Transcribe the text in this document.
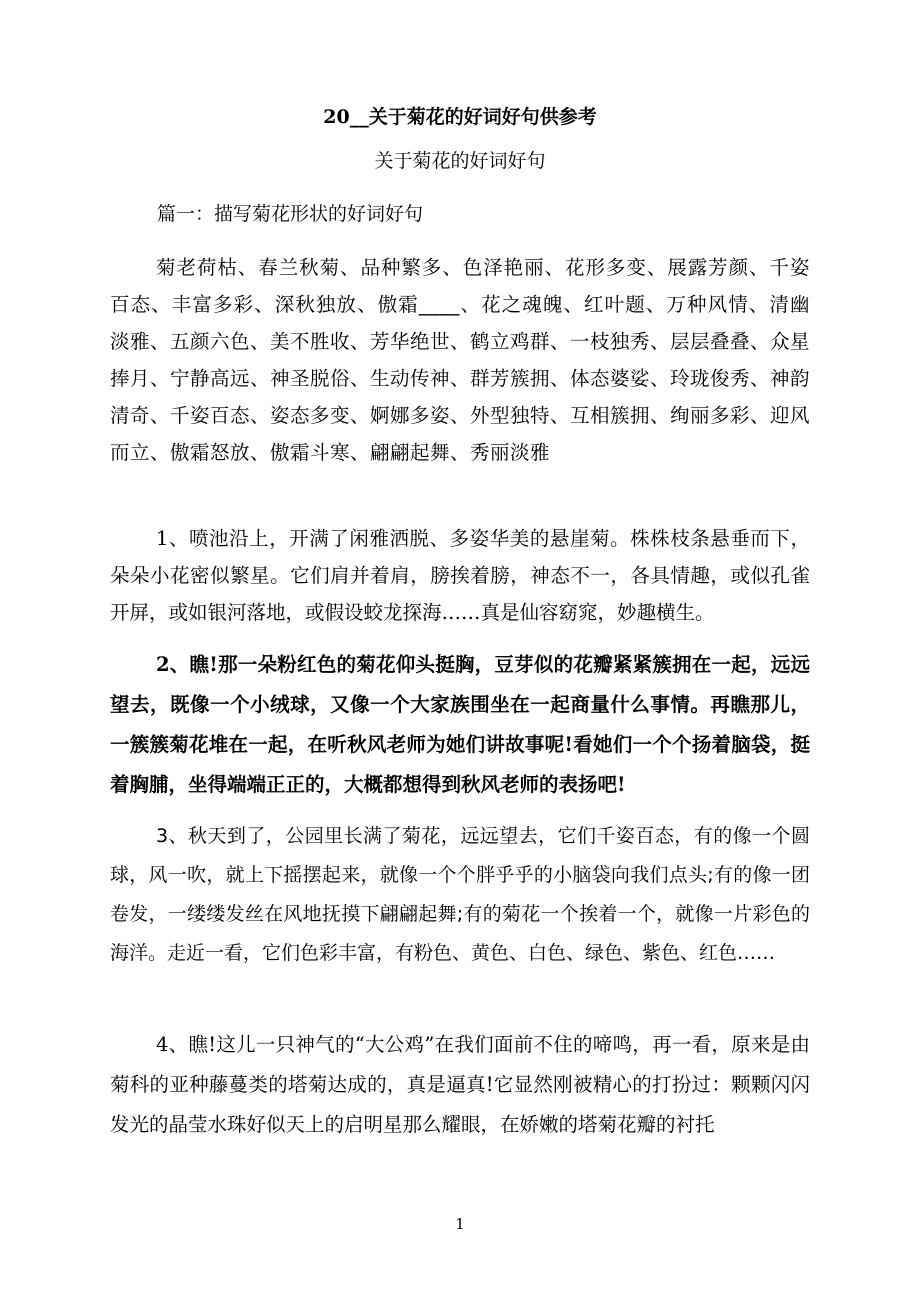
20__关于菊花的好词好句供参考

关于菊花的好词好句

篇一：描写菊花形状的好词好句

菊老荷枯、春兰秋菊、品种繁多、色泽艳丽、花形多变、展露芳颜、千姿百态、丰富多彩、深秋独放、傲霜____、花之魂魄、红叶题、万种风情、清幽淡雅、五颜六色、美不胜收、芳华绝世、鹤立鸡群、一枝独秀、层层叠叠、众星捧月、宁静高远、神圣脱俗、生动传神、群芳簇拥、体态婆娑、玲珑俊秀、神韵清奇、千姿百态、姿态多变、婀娜多姿、外型独特、互相簇拥、绚丽多彩、迎风而立、傲霜怒放、傲霜斗寒、翩翩起舞、秀丽淡雅

1、喷池沿上，开满了闲雅洒脱、多姿华美的悬崖菊。株株枝条悬垂而下，朵朵小花密似繁星。它们肩并着肩，膀挨着膀，神态不一，各具情趣，或似孔雀开屏，或如银河落地，或假设蛟龙探海……真是仙容窈窕，妙趣横生。

2、瞧!那一朵粉红色的菊花仰头挺胸，豆芽似的花瓣紧紧簇拥在一起，远远望去，既像一个小绒球，又像一个大家族围坐在一起商量什么事情。再瞧那儿，一簇簇菊花堆在一起，在听秋风老师为她们讲故事呢!看她们一个个扬着脑袋，挺着胸脯，坐得端端正正的，大概都想得到秋风老师的表扬吧!

3、秋天到了，公园里长满了菊花，远远望去，它们千姿百态，有的像一个圆球，风一吹，就上下摇摆起来，就像一个个胖乎乎的小脑袋向我们点头;有的像一团卷发，一缕缕发丝在风地抚摸下翩翩起舞;有的菊花一个挨着一个，就像一片彩色的海洋。走近一看，它们色彩丰富，有粉色、黄色、白色、绿色、紫色、红色……

4、瞧!这儿一只神气的“大公鸡”在我们面前不住的啼鸣，再一看，原来是由菊科的亚种藤蔓类的塔菊达成的，真是逼真!它显然刚被精心的打扮过：颗颗闪闪发光的晶莹水珠好似天上的启明星那么耀眼，在娇嫩的塔菊花瓣的衬托

1
